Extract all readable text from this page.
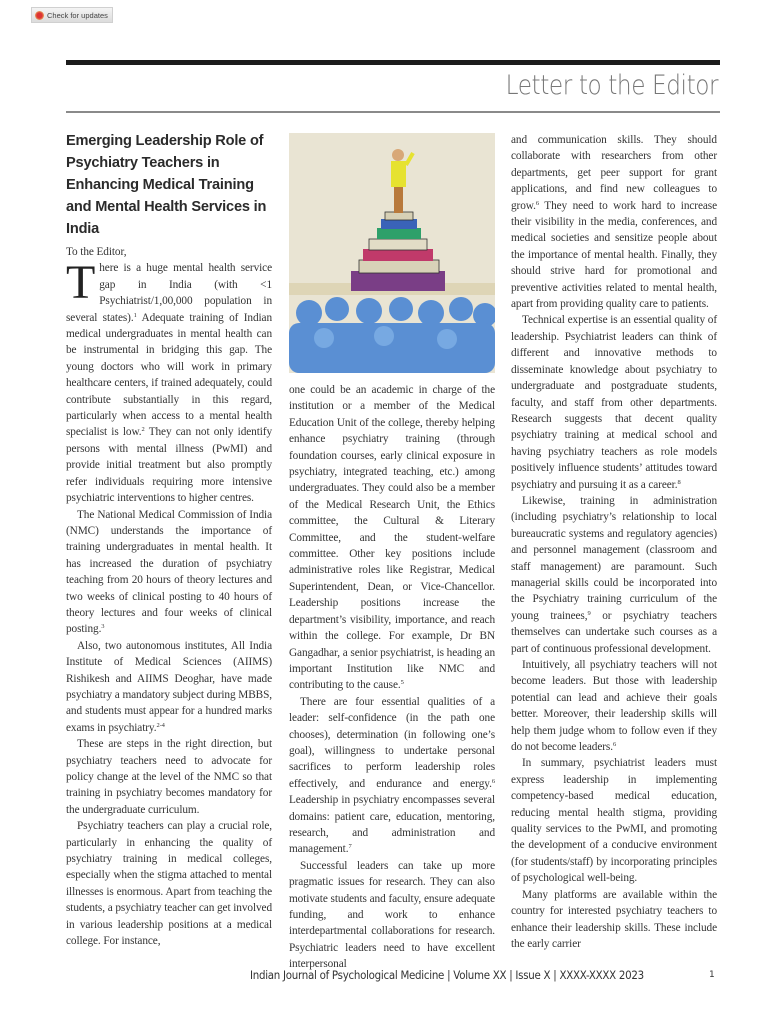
Check for updates
Letter to the Editor
Emerging Leadership Role of Psychiatry Teachers in Enhancing Medical Training and Mental Health Services in India

To the Editor,

There is a huge mental health service gap in India (with <1 Psychiatrist/1,00,000 population in several states).$^1$ Adequate training of Indian medical undergraduates in mental health can be instrumental in bridging this gap. The young doctors who will work in primary healthcare centers, if trained adequately, could contribute substantially in this regard, particularly when access to a mental health specialist is low.$^2$ They can not only identify persons with mental illness (PwMI) and provide initial treatment but also promptly refer individuals requiring more intensive psychiatric interventions to higher centres.

The National Medical Commission of India (NMC) understands the importance of training undergraduates in mental health. It has increased the duration of psychiatry teaching from 20 hours of theory lectures and two weeks of clinical posting to 40 hours of theory lectures and four weeks of clinical posting.$^3$

Also, two autonomous institutes, All India Institute of Medical Sciences (AIIMS) Rishikesh and AIIMS Deoghar, have made psychiatry a mandatory subject during MBBS, and students must appear for a hundred marks exams in psychiatry.$^{2-4}$

These are steps in the right direction, but psychiatry teachers need to advocate for policy change at the level of the NMC so that training in psychiatry becomes mandatory for the undergraduate curriculum.

Psychiatry teachers can play a crucial role, particularly in enhancing the quality of psychiatry training in medical colleges, especially when the stigma attached to mental illnesses is enormous. Apart from teaching the students, a psychiatry teacher can get involved in various leadership positions at a medical college. For instance,

one could be an academic in charge of the institution or a member of the Medical Education Unit of the college, thereby helping enhance psychiatry training (through foundation courses, early clinical exposure in psychiatry, integrated teaching, etc.) among undergraduates. They could also be a member of the Medical Research Unit, the Ethics committee, the Cultural & Literary Committee, and the student-welfare committee. Other key positions include administrative roles like Registrar, Medical Superintendent, Dean, or Vice-Chancellor. Leadership positions increase the department’s visibility, importance, and reach within the college. For example, Dr BN Gangadhar, a senior psychiatrist, is heading an important Institution like NMC and contributing to the cause.$^5$

There are four essential qualities of a leader: self-confidence (in the path one chooses), determination (in following one’s goal), willingness to undertake personal sacrifices to perform leadership roles effectively, and endurance and energy.$^6$ Leadership in psychiatry encompasses several domains: patient care, education, mentoring, research, and administration and management.$^7$

Successful leaders can take up more pragmatic issues for research. They can also motivate students and faculty, ensure adequate funding, and work to enhance interdepartmental collaborations for research. Psychiatric leaders need to have excellent interpersonal

and communication skills. They should collaborate with researchers from other departments, get peer support for grant applications, and find new colleagues to grow.$^6$ They need to work hard to increase their visibility in the media, conferences, and medical societies and sensitize people about the importance of mental health. Finally, they should strive hard for promotional and preventive activities related to mental health, apart from providing quality care to patients.

Technical expertise is an essential quality of leadership. Psychiatrist leaders can think of different and innovative methods to disseminate knowledge about psychiatry to undergraduate and postgraduate students, faculty, and staff from other departments. Research suggests that decent quality psychiatry training at medical school and having psychiatry teachers as role models positively influence students’ attitudes toward psychiatry and pursuing it as a career.$^8$

Likewise, training in administration (including psychiatry’s relationship to local bureaucratic systems and regulatory agencies) and personnel management (classroom and staff management) are paramount. Such managerial skills could be incorporated into the Psychiatry training curriculum of the young trainees,$^9$ or psychiatry teachers themselves can undertake such courses as a part of continuous professional development.

Intuitively, all psychiatry teachers will not become leaders. But those with leadership potential can lead and achieve their goals better. Moreover, their leadership skills will help them judge whom to follow even if they do not become leaders.$^6$

In summary, psychiatrist leaders must express leadership in implementing competency-based medical education, reducing mental health stigma, providing quality services to the PwMI, and promoting the development of a conducive environment (for students/staff) by incorporating principles of psychological well-being.

Many platforms are available within the country for interested psychiatry teachers to enhance their leadership skills. These include the early carrier

Indian Journal of Psychological Medicine | Volume XX | Issue X | XXXX-XXXX 2023	1
